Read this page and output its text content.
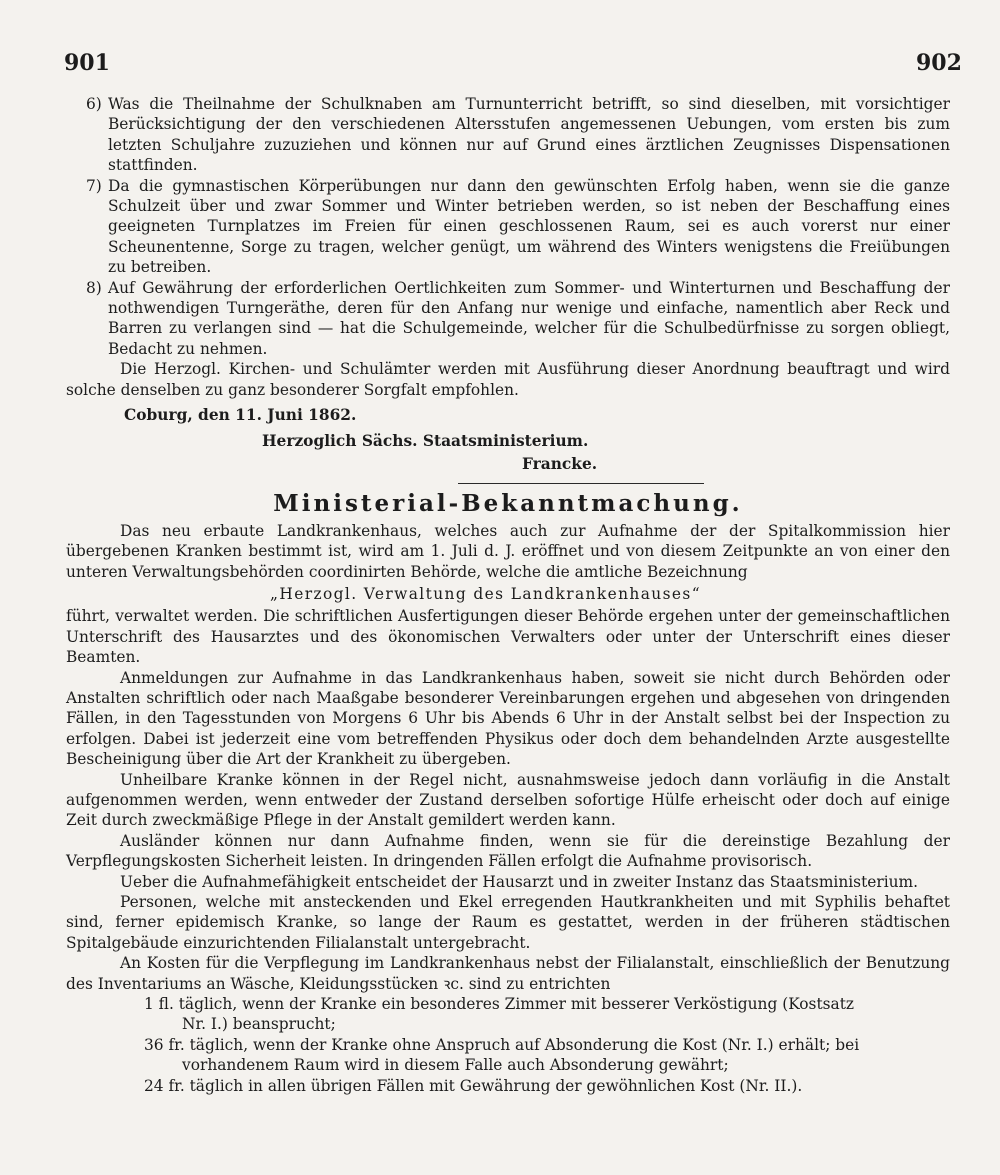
901	902

6) Was die Theilnahme der Schulknaben am Turnunterricht betrifft, so sind dieselben, mit vorsichtiger Berücksichtigung der den verschiedenen Altersstufen angemessenen Uebungen, vom ersten bis zum letzten Schuljahre zuzuziehen und können nur auf Grund eines ärztlichen Zeugnisses Dispensationen stattfinden.

7) Da die gymnastischen Körperübungen nur dann den gewünschten Erfolg haben, wenn sie die ganze Schulzeit über und zwar Sommer und Winter betrieben werden, so ist neben der Beschaffung eines geeigneten Turnplatzes im Freien für einen geschlossenen Raum, sei es auch vorerst nur einer Scheunentenne, Sorge zu tragen, welcher genügt, um während des Winters wenigstens die Freiübungen zu betreiben.

8) Auf Gewährung der erforderlichen Oertlichkeiten zum Sommer- und Winterturnen und Beschaffung der nothwendigen Turngeräthe, deren für den Anfang nur wenige und einfache, namentlich aber Reck und Barren zu verlangen sind — hat die Schulgemeinde, welcher für die Schulbedürfnisse zu sorgen obliegt, Bedacht zu nehmen.

Die Herzogl. Kirchen- und Schulämter werden mit Ausführung dieser Anordnung beauftragt und wird solche denselben zu ganz besonderer Sorgfalt empfohlen.

Coburg, den 11. Juni 1862.

Herzoglich Sächs. Staatsministerium.

Francke.

Ministerial-Bekanntmachung.

Das neu erbaute Landkrankenhaus, welches auch zur Aufnahme der der Spitalkommission hier übergebenen Kranken bestimmt ist, wird am 1. Juli d. J. eröffnet und von diesem Zeitpunkte an von einer den unteren Verwaltungsbehörden coordinirten Behörde, welche die amtliche Bezeichnung

„Herzogl. Verwaltung des Landkrankenhauses“

führt, verwaltet werden. Die schriftlichen Ausfertigungen dieser Behörde ergehen unter der gemeinschaftlichen Unterschrift des Hausarztes und des ökonomischen Verwalters oder unter der Unterschrift eines dieser Beamten.

Anmeldungen zur Aufnahme in das Landkrankenhaus haben, soweit sie nicht durch Behörden oder Anstalten schriftlich oder nach Maaßgabe besonderer Vereinbarungen ergehen und abgesehen von dringenden Fällen, in den Tagesstunden von Morgens 6 Uhr bis Abends 6 Uhr in der Anstalt selbst bei der Inspection zu erfolgen. Dabei ist jederzeit eine vom betreffenden Physikus oder doch dem behandelnden Arzte ausgestellte Bescheinigung über die Art der Krankheit zu übergeben.

Unheilbare Kranke können in der Regel nicht, ausnahmsweise jedoch dann vorläufig in die Anstalt aufgenommen werden, wenn entweder der Zustand derselben sofortige Hülfe erheischt oder doch auf einige Zeit durch zweckmäßige Pflege in der Anstalt gemildert werden kann.

Ausländer können nur dann Aufnahme finden, wenn sie für die dereinstige Bezahlung der Verpflegungskosten Sicherheit leisten. In dringenden Fällen erfolgt die Aufnahme provisorisch.

Ueber die Aufnahmefähigkeit entscheidet der Hausarzt und in zweiter Instanz das Staatsministerium.

Personen, welche mit ansteckenden und Ekel erregenden Hautkrankheiten und mit Syphilis behaftet sind, ferner epidemisch Kranke, so lange der Raum es gestattet, werden in der früheren städtischen Spitalgebäude einzurichtenden Filialanstalt untergebracht.

An Kosten für die Verpflegung im Landkrankenhaus nebst der Filialanstalt, einschließlich der Benutzung des Inventariums an Wäsche, Kleidungsstücken ꝛc. sind zu entrichten

1 fl. täglich, wenn der Kranke ein besonderes Zimmer mit besserer Verköstigung (Kostsatz
Nr. I.) beansprucht;

36 fr. täglich, wenn der Kranke ohne Anspruch auf Absonderung die Kost (Nr. I.) erhält; bei
vorhandenem Raum wird in diesem Falle auch Absonderung gewährt;

24 fr. täglich in allen übrigen Fällen mit Gewährung der gewöhnlichen Kost (Nr. II.).
